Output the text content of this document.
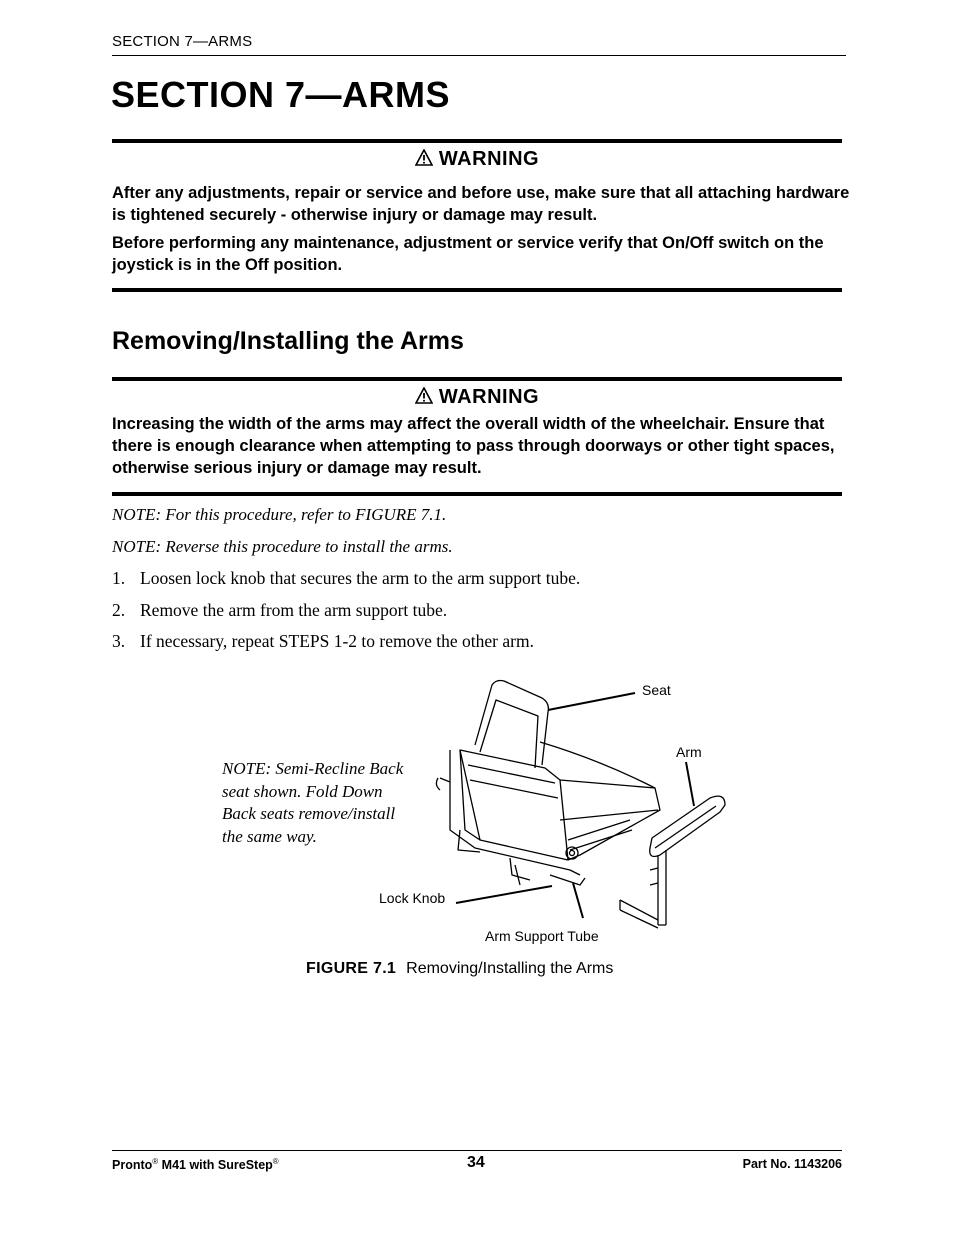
SECTION 7—ARMS
SECTION 7—ARMS
WARNING

After any adjustments, repair or service and before use, make sure that all attaching hardware is tightened securely - otherwise injury or damage may result.

Before performing any maintenance, adjustment or service verify that On/Off switch on the joystick is in the Off position.

Removing/Installing the Arms
WARNING

Increasing the width of the arms may affect the overall width of the wheelchair. Ensure that there is enough clearance when attempting to pass through doorways or other tight spaces, otherwise serious injury or damage may result.

NOTE: For this procedure, refer to FIGURE 7.1.
NOTE: Reverse this procedure to install the arms.
1. Loosen lock knob that secures the arm to the arm support tube.
2. Remove the arm from the arm support tube.
3. If necessary, repeat STEPS 1-2 to remove the other arm.
NOTE: Semi-Recline Back seat shown. Fold Down Back seats remove/install the same way.
Seat
Arm
Lock Knob
Arm Support Tube
FIGURE 7.1 Removing/Installing the Arms
Pronto® M41 with SureStep®	34	Part No. 1143206
